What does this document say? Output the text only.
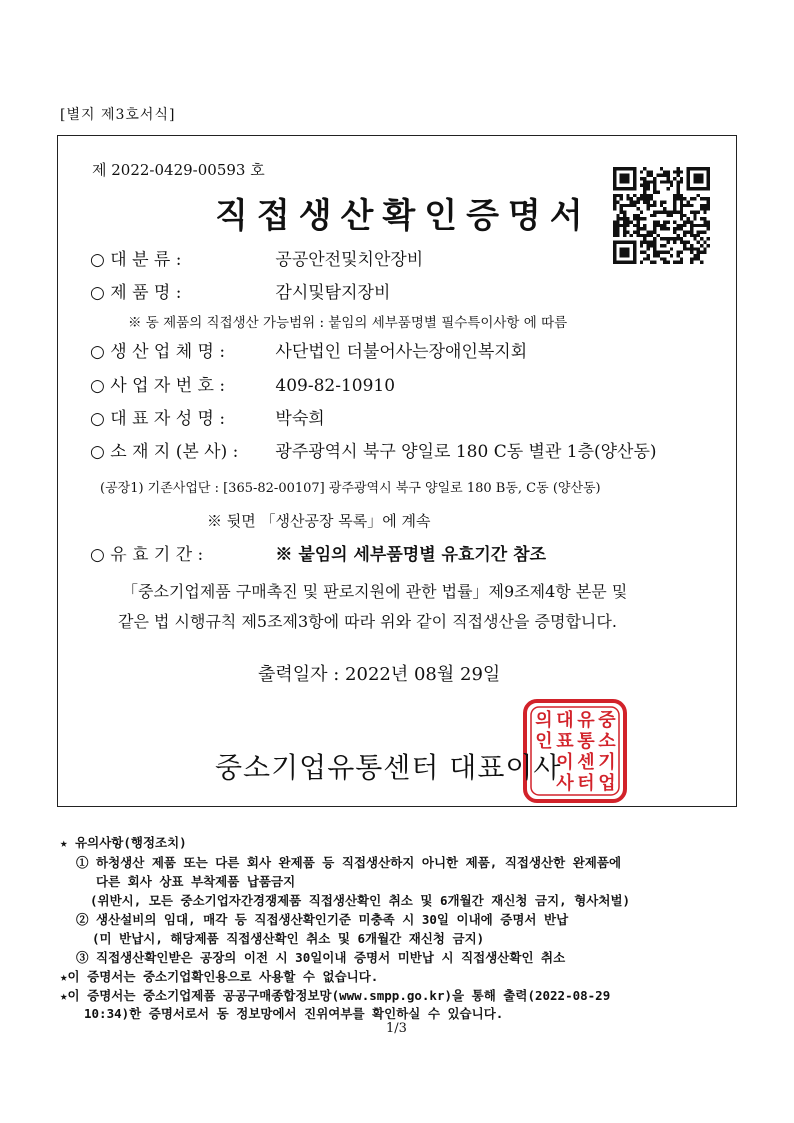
[별지 제3호서식]
제 2022-0429-00593 호
직접생산확인증명서
○ 대 분 류 :	공공안전및치안장비
○ 제 품 명 :	감시및탐지장비
※ 동 제품의 직접생산 가능범위 : 붙임의 세부품명별 필수특이사항 에 따름
○ 생 산 업 체 명 :	사단법인 더불어사는장애인복지회
○ 사 업 자 번 호 :	409-82-10910
○ 대 표 자 성 명 :	박숙희
○ 소 재 지 (본 사) : 광주광역시 북구 양일로 180 C동 별관 1층(양산동)
(공장1) 기존사업단 : [365-82-00107] 광주광역시 북구 양일로 180 B동, C동 (양산동)
※ 뒷면 「생산공장 목록」에 계속
○ 유 효 기 간 :	※ 붙임의 세부품명별 유효기간 참조
「중소기업제품 구매촉진 및 판로지원에 관한 법률」제9조제4항 본문 및
같은 법 시행규칙 제5조제3항에 따라 위와 같이 직접생산을 증명합니다.
출력일자 : 2022년 08월 29일
중
소
기
업
유
통
센
터
대
표
이
사
의
인
중소기업유통센터 대표이사
★ 유의사항(행정조치)
① 하청생산 제품 또는 다른 회사 완제품 등 직접생산하지 아니한 제품, 직접생산한 완제품에
다른 회사 상표 부착제품 납품금지
(위반시, 모든 중소기업자간경쟁제품 직접생산확인 취소 및 6개월간 재신청 금지, 형사처벌)
② 생산설비의 임대, 매각 등 직접생산확인기준 미충족 시 30일 이내에 증명서 반납
(미 반납시, 해당제품 직접생산확인 취소 및 6개월간 재신청 금지)
③ 직접생산확인받은 공장의 이전 시 30일이내 증명서 미반납 시 직접생산확인 취소
★이 증명서는 중소기업확인용으로 사용할 수 없습니다.
★이 증명서는 중소기업제품 공공구매종합정보망(www.smpp.go.kr)을 통해 출력(2022-08-29
10:34)한 증명서로서 동 정보망에서 진위여부를 확인하실 수 있습니다.
1/3
